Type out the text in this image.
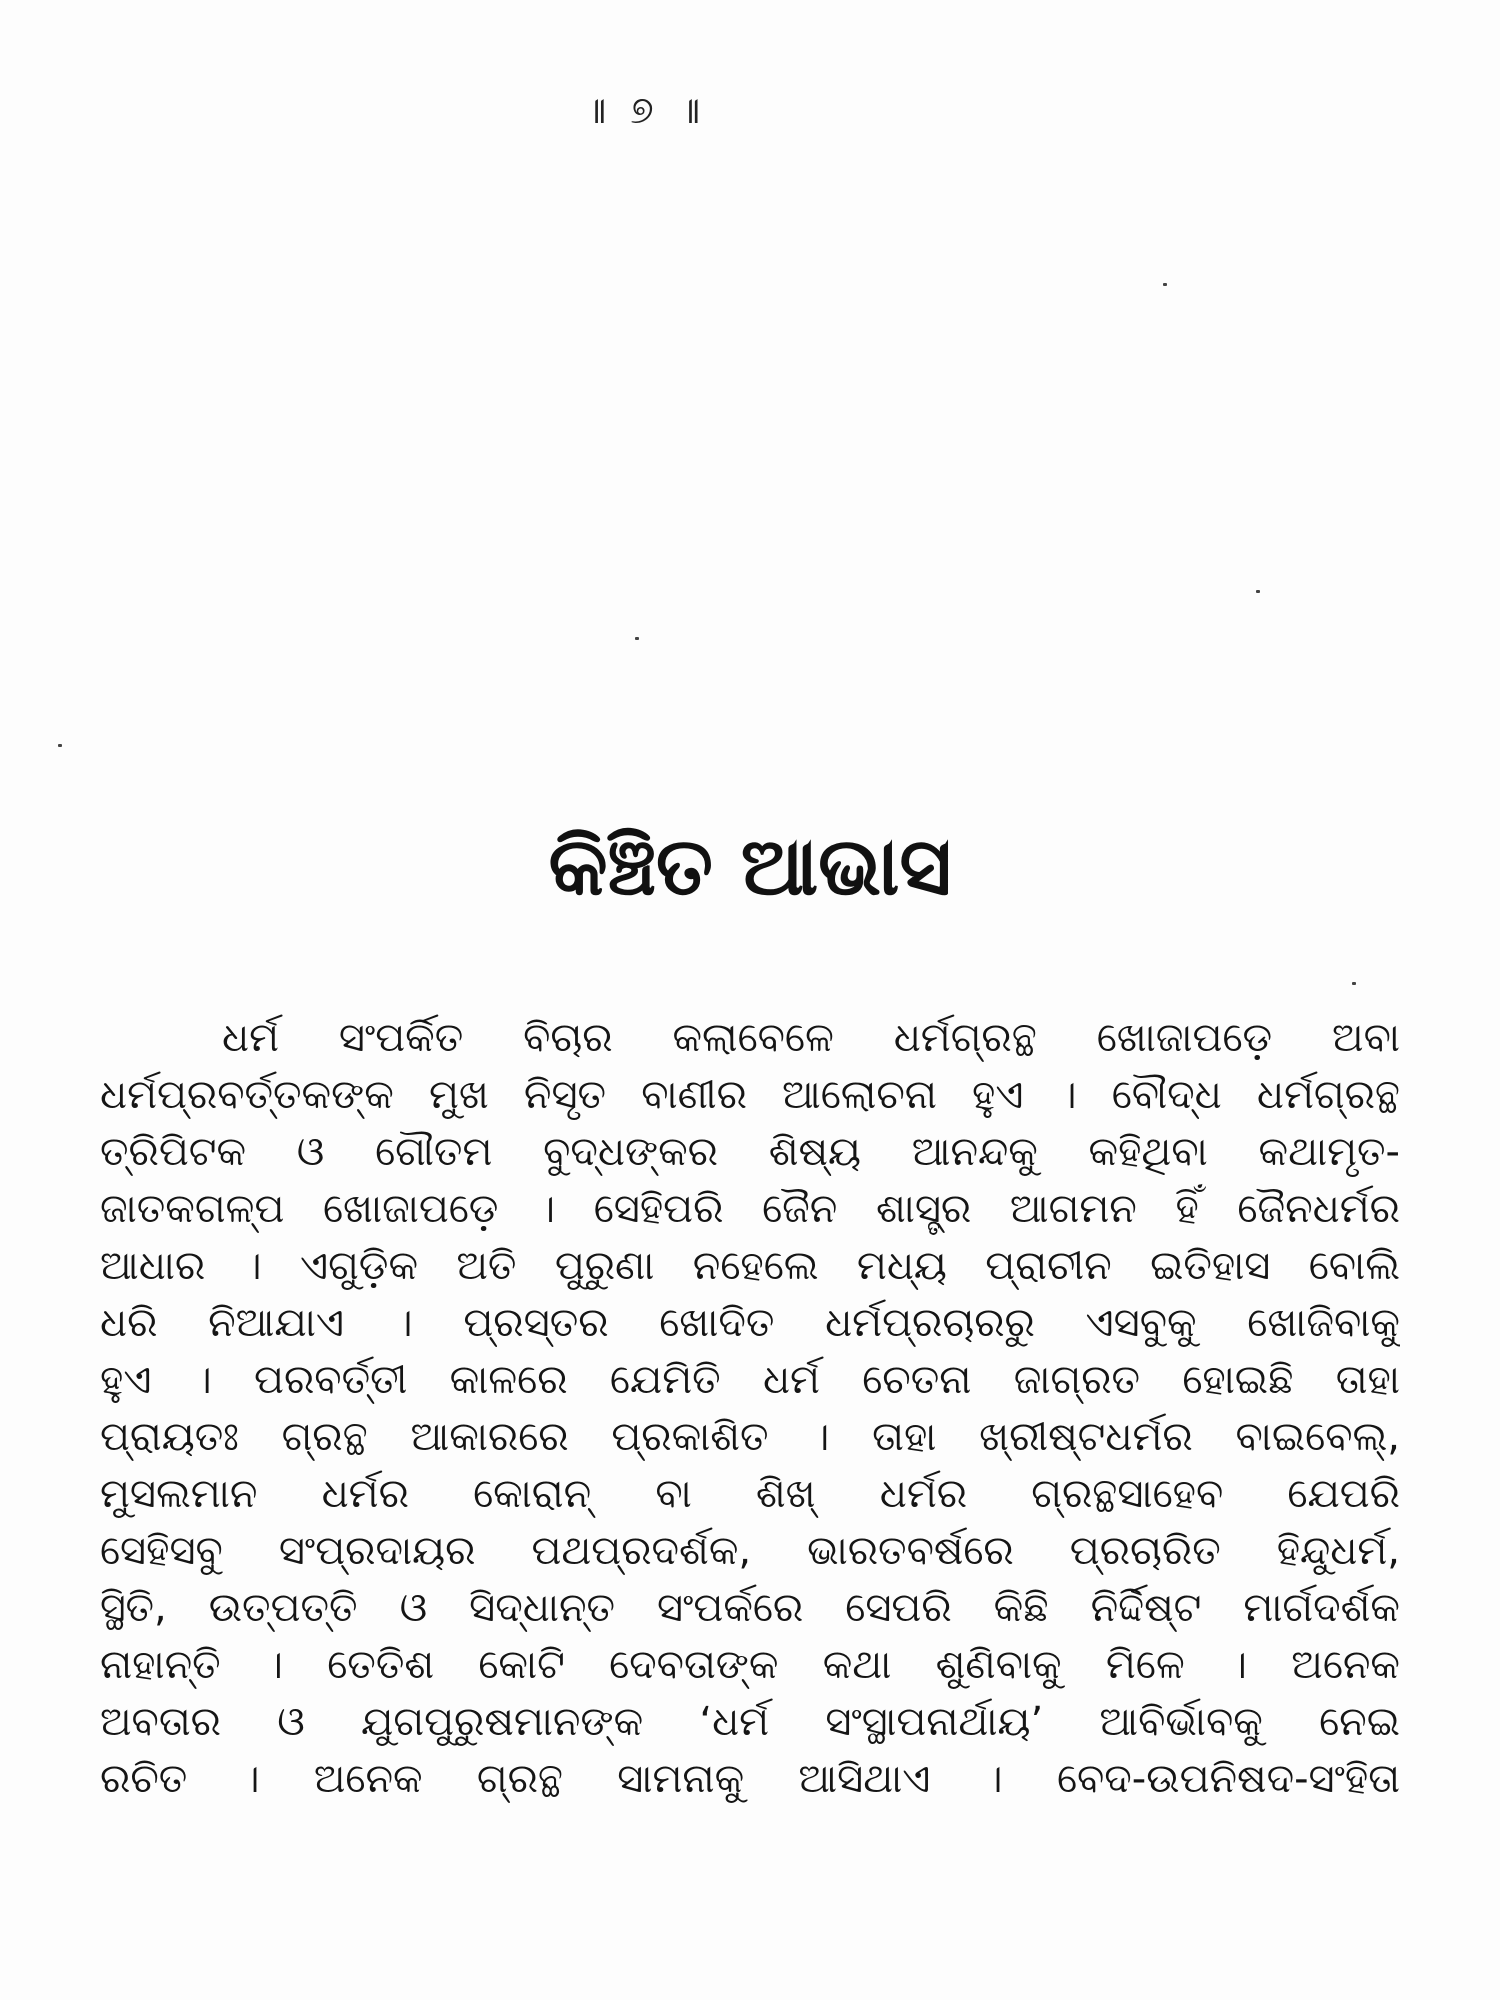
॥ ୭ ॥
କିଞ୍ଚିତ ଆଭାସ
ଧର୍ମ ସଂପର୍କିତ ବିଚାର କଲାବେଳେ ଧର୍ମଗ୍ରନ୍ଥ ଖୋଜାପଡ଼େ ଅବା
ଧର୍ମପ୍ରବର୍ତ୍ତକଙ୍କ ମୁଖ ନିସୃତ ବାଣୀର ଆଲୋଚନା ହୁଏ । ବୌଦ୍ଧ ଧର୍ମଗ୍ରନ୍ଥ
ତ୍ରିପିଟକ ଓ ଗୌତମ ବୁଦ୍ଧଙ୍କର ଶିଷ୍ୟ ଆନନ୍ଦକୁ କହିଥିବା କଥାମୃତ-
ଜାତକଗଳ୍ପ ଖୋଜାପଡ଼େ । ସେହିପରି ଜୈନ ଶାସ୍ତ୍ର ଆଗମନ ହିଁ ଜୈନଧର୍ମର
ଆଧାର । ଏଗୁଡ଼ିକ ଅତି ପୁରୁଣା ନହେଲେ ମଧ୍ୟ ପ୍ରାଚୀନ ଇତିହାସ ବୋଲି
ଧରି ନିଆଯାଏ । ପ୍ରସ୍ତର ଖୋଦିତ ଧର୍ମପ୍ରଚାରରୁ ଏସବୁକୁ ଖୋଜିବାକୁ
ହୁଏ । ପରବର୍ତ୍ତୀ କାଳରେ ଯେମିତି ଧର୍ମ ଚେତନା ଜାଗ୍ରତ ହୋଇଛି ତାହା
ପ୍ରାୟତଃ ଗ୍ରନ୍ଥ ଆକାରରେ ପ୍ରକାଶିତ । ତାହା ଖ୍ରୀଷ୍ଟଧର୍ମର ବାଇବେଲ୍,
ମୁସଲମାନ ଧର୍ମର କୋରାନ୍ ବା ଶିଖ୍ ଧର୍ମର ଗ୍ରନ୍ଥସାହେବ ଯେପରି
ସେହିସବୁ ସଂପ୍ରଦାୟର ପଥପ୍ରଦର୍ଶକ, ଭାରତବର୍ଷରେ ପ୍ରଚାରିତ ହିନ୍ଦୁଧର୍ମ,
ସ୍ଥିତି, ଉତ୍ପତ୍ତି ଓ ସିଦ୍ଧାନ୍ତ ସଂପର୍କରେ ସେପରି କିଛି ନିର୍ଦ୍ଦିଷ୍ଟ ମାର୍ଗଦର୍ଶକ
ନାହାନ୍ତି । ତେତିଶ କୋଟି ଦେବତାଙ୍କ କଥା ଶୁଣିବାକୁ ମିଳେ । ଅନେକ
ଅବତାର ଓ ଯୁଗପୁରୁଷମାନଙ୍କ ‘ଧର୍ମ ସଂସ୍ଥାପନାର୍ଥାୟ’ ଆବିର୍ଭାବକୁ ନେଇ
ରଚିତ । ଅନେକ ଗ୍ରନ୍ଥ ସାମନାକୁ ଆସିଥାଏ । ବେଦ-ଉପନିଷଦ-ସଂହିତା
